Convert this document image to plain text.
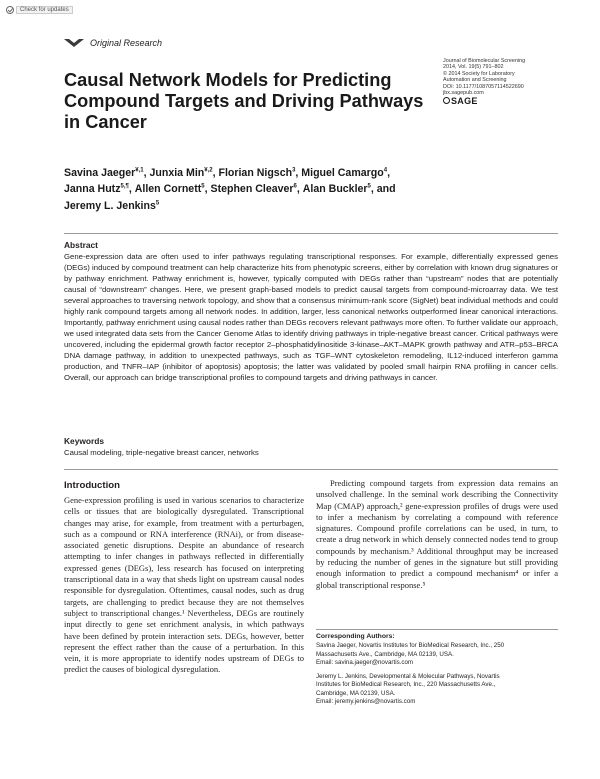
Check for updates
Original Research
Causal Network Models for Predicting Compound Targets and Driving Pathways in Cancer
Journal of Biomolecular Screening
2014, Vol. 19(5) 791–802
© 2014 Society for Laboratory
Automation and Screening
DOI: 10.1177/1087057114522690
jbx.sagepub.com
SAGE
Savina Jaeger$^{¥,1}$, Junxia Min$^{¥,2}$, Florian Nigsch$^3$, Miguel Camargo$^4$, Janna Hutz$^{5,\P}$, Allen Cornett$^5$, Stephen Cleaver$^6$, Alan Buckler$^5$, and Jeremy L. Jenkins$^5$
Abstract

Gene-expression data are often used to infer pathways regulating transcriptional responses. For example, differentially expressed genes (DEGs) induced by compound treatment can help characterize hits from phenotypic screens, either by correlation with known drug signatures or by pathway enrichment. Pathway enrichment is, however, typically computed with DEGs rather than “upstream” nodes that are potentially causal of “downstream” changes. Here, we present graph-based models to predict causal targets from compound-microarray data. We test several approaches to traversing network topology, and show that a consensus minimum-rank score (SigNet) beat individual methods and could highly rank compound targets among all network nodes. In addition, larger, less canonical networks outperformed linear canonical interactions. Importantly, pathway enrichment using causal nodes rather than DEGs recovers relevant pathways more often. To further validate our approach, we used integrated data sets from the Cancer Genome Atlas to identify driving pathways in triple-negative breast cancer. Critical pathways were uncovered, including the epidermal growth factor receptor 2–phosphatidylinositide 3-kinase–AKT–MAPK growth pathway and ATR–p53–BRCA DNA damage pathway, in addition to unexpected pathways, such as TGF–WNT cytoskeleton remodeling, IL12-induced interferon gamma production, and TNFR–IAP (inhibitor of apoptosis) apoptosis; the latter was validated by pooled small hairpin RNA profiling in cancer cells. Overall, our approach can bridge transcriptional profiles to compound targets and driving pathways in cancer.

Keywords

Causal modeling, triple-negative breast cancer, networks

Introduction

Gene-expression profiling is used in various scenarios to characterize cells or tissues that are biologically dysregulated. Transcriptional changes may arise, for example, from treatment with a perturbagen, such as a compound or RNA interference (RNAi), or from disease-associated genetic disruptions. Despite an abundance of research attempting to infer changes in pathways reflected in differentially expressed genes (DEGs), less research has focused on interpreting transcriptional data in a way that sheds light on upstream causal nodes responsible for dysregulation. Oftentimes, causal nodes, such as drug targets, are challenging to predict because they are not themselves subject to transcriptional changes.¹ Nevertheless, DEGs are routinely input directly to gene set enrichment analysis, in which pathways have been defined by protein interaction sets. DEGs, however, better represent the effect rather than the cause of a perturbation. In this vein, it is more appropriate to identify nodes upstream of DEGs to predict the causes of biological dysregulation.

Predicting compound targets from expression data remains an unsolved challenge. In the seminal work describing the Connectivity Map (CMAP) approach,² gene-expression profiles of drugs were used to infer a mechanism by correlating a compound with reference signatures. Compound profile correlations can be used, in turn, to create a drug network in which densely connected nodes tend to group compounds by mechanism.³ Additional throughput may be increased by reducing the number of genes in the signature but still providing enough information to predict a compound mechanism⁴ or infer a global transcriptional response.⁵

Corresponding Authors:
Savina Jaeger, Novartis Institutes for BioMedical Research, Inc., 250
Massachusetts Ave., Cambridge, MA 02139, USA.
Email: savina.jaeger@novartis.com
Jeremy L. Jenkins, Developmental & Molecular Pathways, Novartis
Institutes for BioMedical Research, Inc., 220 Massachusetts Ave.,
Cambridge, MA 02139, USA.
Email: jeremy.jenkins@novartis.com
